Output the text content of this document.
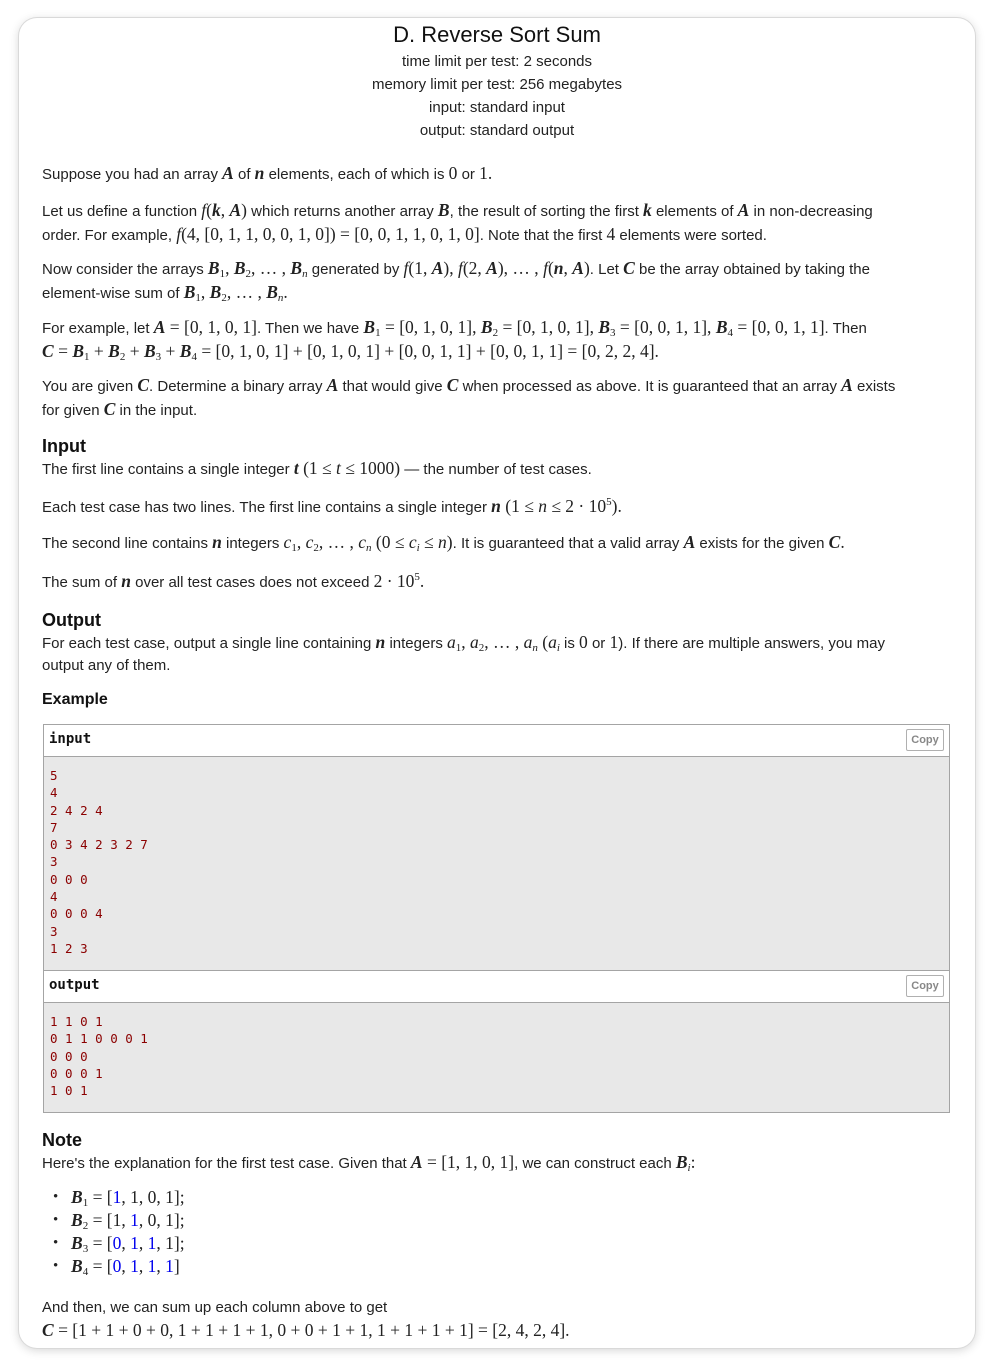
D. Reverse Sort Sum
time limit per test: 2 seconds
memory limit per test: 256 megabytes
input: standard input
output: standard output

Suppose you had an array A of n elements, each of which is 0 or 1.

Let us define a function f(k, A) which returns another array B, the result of sorting the first k elements of A in non-decreasing

order. For example, f(4, [0, 1, 1, 0, 0, 1, 0]) = [0, 0, 1, 1, 0, 1, 0]. Note that the first 4 elements were sorted.

Now consider the arrays $B_1$, $B_2$, … , $B_n$ generated by f(1, A), f(2, A), … , f(n, A). Let C be the array obtained by taking the

element-wise sum of $B_1$, $B_2$, … , $B_n$.

For example, let A = [0, 1, 0, 1]. Then we have $B_1 = [0$, 1, 0, 1], $B_2 = [0$, 1, 0, 1], $B_3 = [0$, 0, 1, 1], $B_4 = [0$, 0, 1, 1]. Then

$C = B_1 + B_2 + B_3 + B_4 = [0$, 1, 0, 1] + [0, 1, 0, 1] + [0, 0, 1, 1] + [0, 0, 1, 1] = [0, 2, 2, 4].

You are given C. Determine a binary array A that would give C when processed as above. It is guaranteed that an array A exists

for given C in the input.

Input

The first line contains a single integer t (1 ≤ t ≤ 1000) — the number of test cases.

Each test case has two lines. The first line contains a single integer n $(1 \le n \le 2 \cdot 10^5)$.

The second line contains n integers $c_1$, $c_2$, … , $c_n$ $(0 \le c_i \le n)$. It is guaranteed that a valid array A exists for the given C.

The sum of n over all test cases does not exceed $2 \cdot 10^5$.

Output

For each test case, output a single line containing n integers $a_1$, $a_2$, … , $a_n$ ($a_i$ is 0 or 1). If there are multiple answers, you may

output any of them.

Example
input	Copy
5
4
2 4 2 4
7
0 3 4 2 3 2 7
3
0 0 0
4
0 0 0 4
3
1 2 3
output	Copy
1 1 0 1
0 1 1 0 0 0 1
0 0 0
0 0 0 1
1 0 1
Note

Here's the explanation for the first test case. Given that A = [1, 1, 0, 1], we can construct each $B_i$:

• $B_1 = [1$, 1, 0, 1];
• $B_2 = [1$, 1, 0, 1];
• $B_3 = [0$, 1, 1, 1];
• $B_4 = [0$, 1, 1, 1]

And then, we can sum up each column above to get

C = [1 + 1 + 0 + 0, 1 + 1 + 1 + 1, 0 + 0 + 1 + 1, 1 + 1 + 1 + 1] = [2, 4, 2, 4].
